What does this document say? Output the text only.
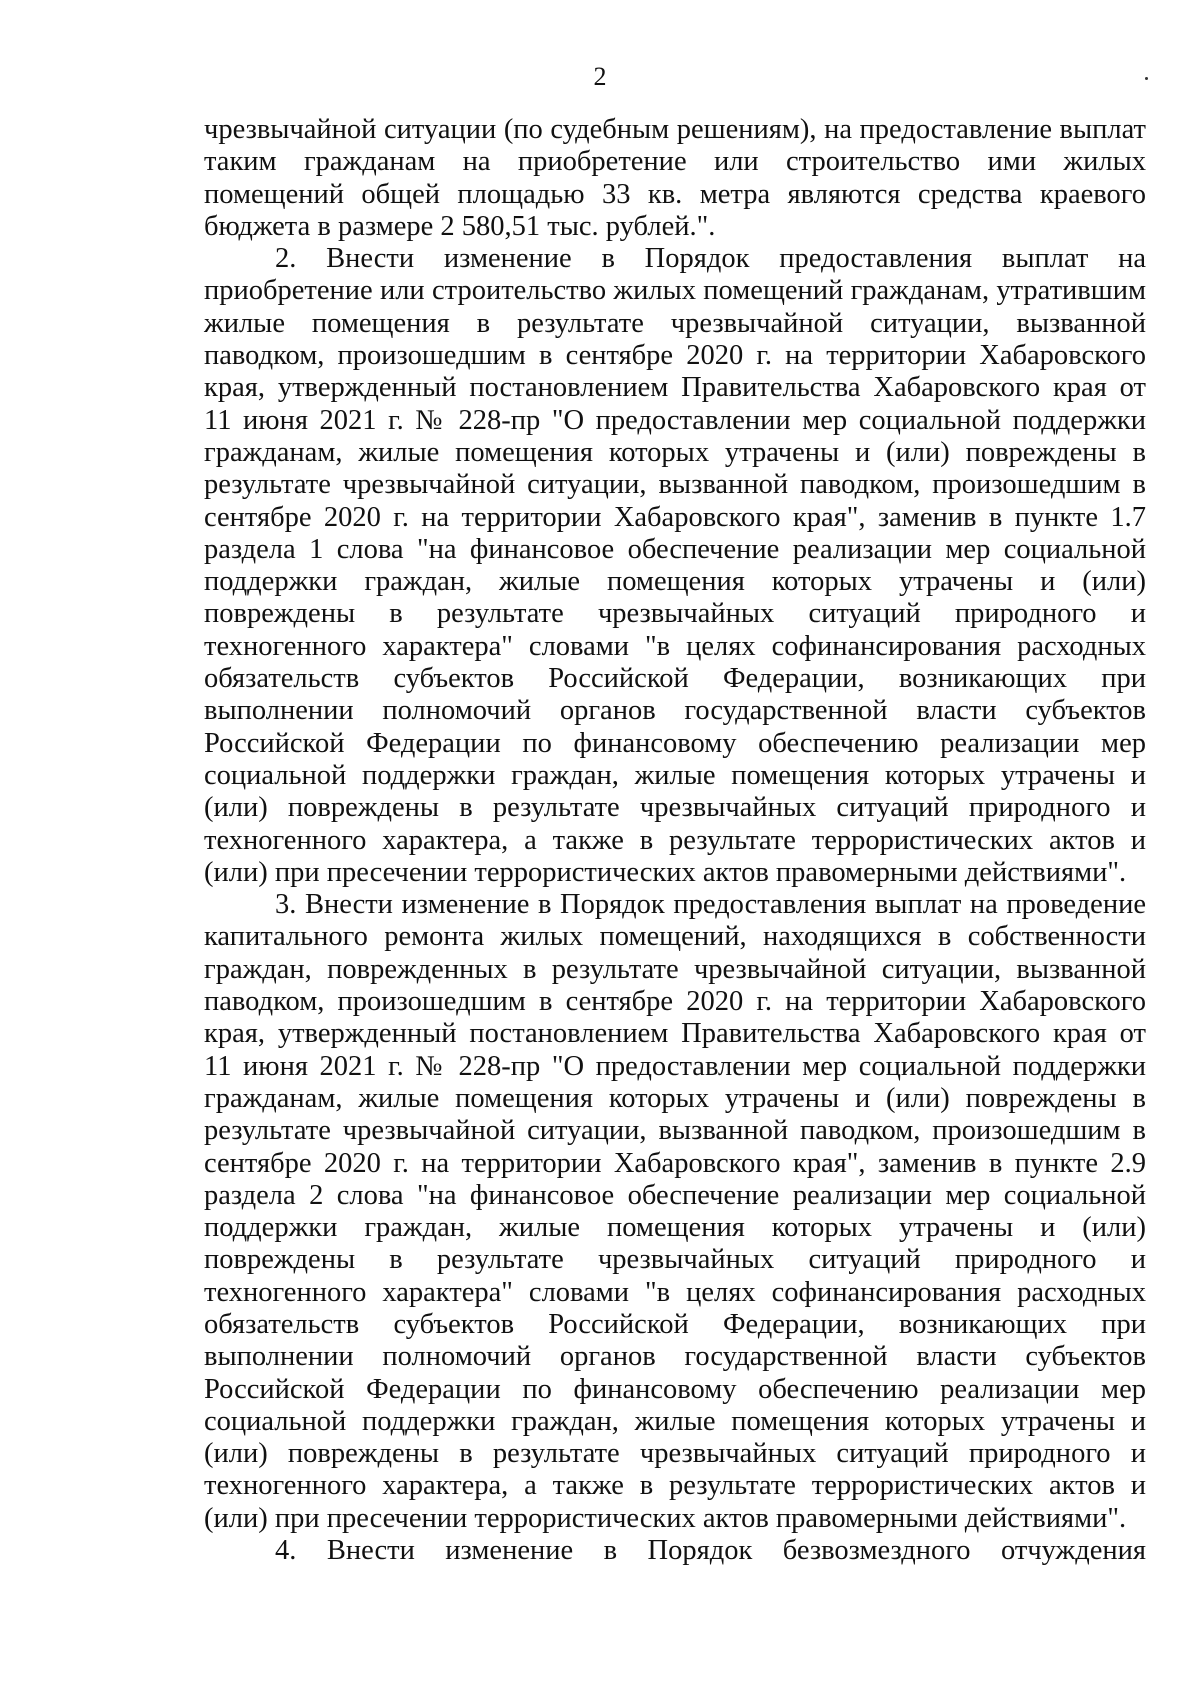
2

чрезвычайной ситуации (по судебным решениям), на предоставление выплат таким гражданам на приобретение или строительство ими жилых помещений общей площадью 33 кв. метра являются средства краевого бюджета в размере 2 580,51 тыс. рублей.".

2. Внести изменение в Порядок предоставления выплат на приобретение или строительство жилых помещений гражданам, утратившим жилые помещения в результате чрезвычайной ситуации, вызванной паводком, произошедшим в сентябре 2020 г. на территории Хабаровского края, утвержденный постановлением Правительства Хабаровского края от 11 июня 2021 г. № 228-пр "О предоставлении мер социальной поддержки гражданам, жилые помещения которых утрачены и (или) повреждены в результате чрезвычайной ситуации, вызванной паводком, произошедшим в сентябре 2020 г. на территории Хабаровского края", заменив в пункте 1.7 раздела 1 слова "на финансовое обеспечение реализации мер социальной поддержки граждан, жилые помещения которых утрачены и (или) повреждены в результате чрезвычайных ситуаций природного и техногенного характера" словами "в целях софинансирования расходных обязательств субъектов Российской Федерации, возникающих при выполнении полномочий органов государственной власти субъектов Российской Федерации по финансовому обеспечению реализации мер социальной поддержки граждан, жилые помещения которых утрачены и (или) повреждены в результате чрезвычайных ситуаций природного и техногенного характера, а также в результате террористических актов и (или) при пресечении террористических актов правомерными действиями".

3. Внести изменение в Порядок предоставления выплат на проведение капитального ремонта жилых помещений, находящихся в собственности граждан, поврежденных в результате чрезвычайной ситуации, вызванной паводком, произошедшим в сентябре 2020 г. на территории Хабаровского края, утвержденный постановлением Правительства Хабаровского края от 11 июня 2021 г. № 228-пр "О предоставлении мер социальной поддержки гражданам, жилые помещения которых утрачены и (или) повреждены в результате чрезвычайной ситуации, вызванной паводком, произошедшим в сентябре 2020 г. на территории Хабаровского края", заменив в пункте 2.9 раздела 2 слова "на финансовое обеспечение реализации мер социальной поддержки граждан, жилые помещения которых утрачены и (или) повреждены в результате чрезвычайных ситуаций природного и техногенного характера" словами "в целях софинансирования расходных обязательств субъектов Российской Федерации, возникающих при выполнении полномочий органов государственной власти субъектов Российской Федерации по финансовому обеспечению реализации мер социальной поддержки граждан, жилые помещения которых утрачены и (или) повреждены в результате чрезвычайных ситуаций природного и техногенного характера, а также в результате террористических актов и (или) при пресечении террористических актов правомерными действиями".

4. Внести изменение в Порядок безвозмездного отчуждения
